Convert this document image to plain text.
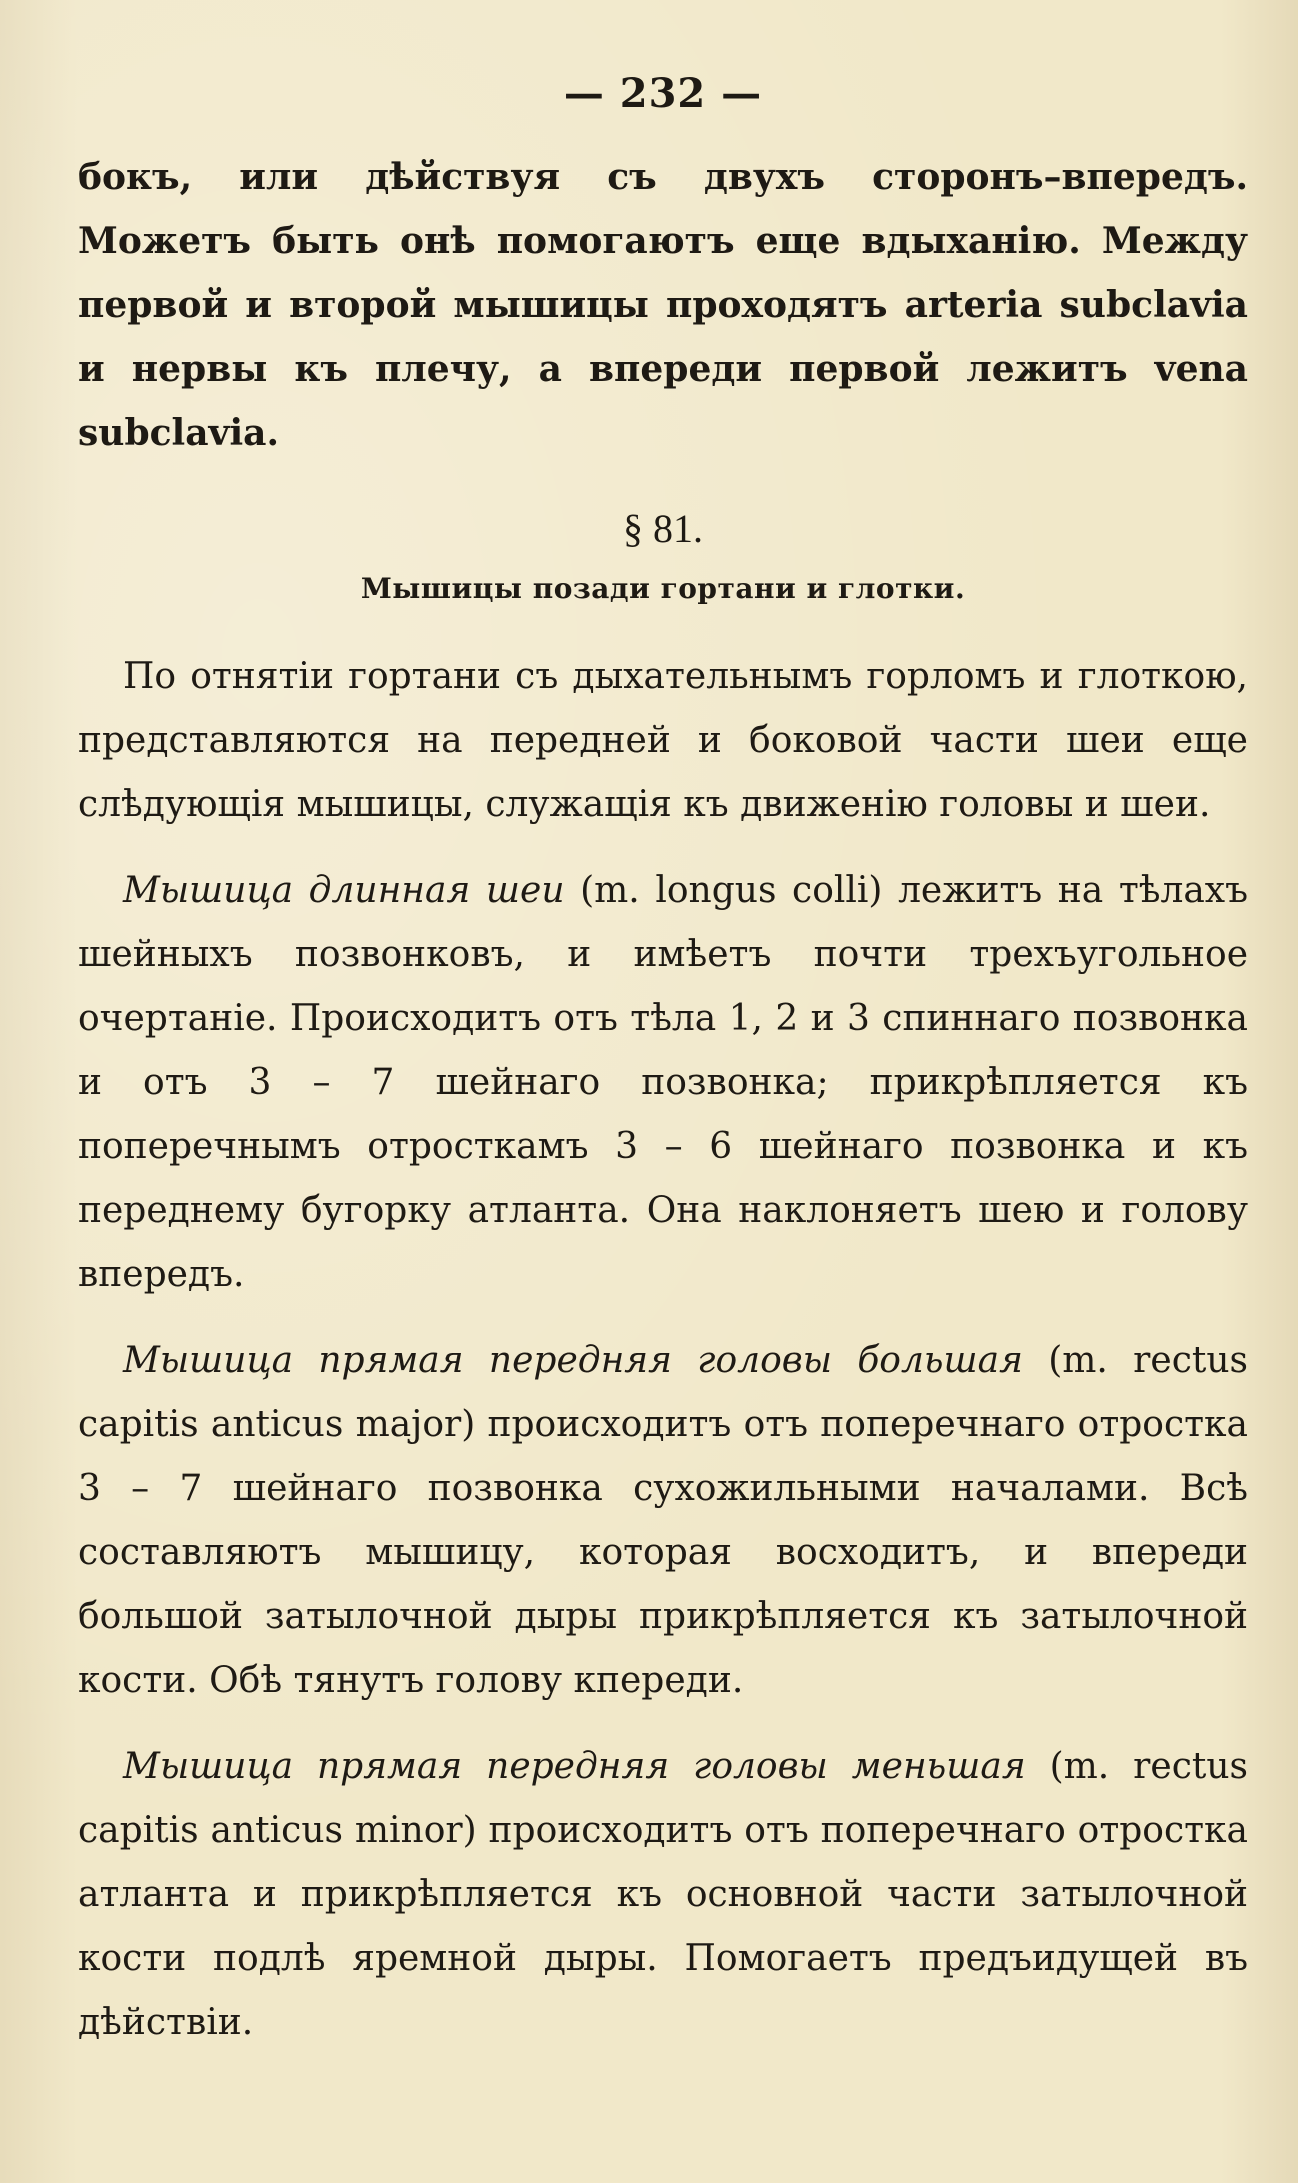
— 232 —

бокъ, или дѣйствуя съ двухъ сторонъ–впередъ. Можетъ быть онѣ помогаютъ еще вдыханію. Между первой и второй мышицы проходятъ arteria subclavia и нервы къ плечу, а впереди первой лежитъ vena subclavia.

§ 81.
Мышицы позади гортани и глотки.

По отнятіи гортани съ дыхательнымъ горломъ и глоткою, представляются на передней и боковой части шеи еще слѣдующія мышицы, служащія къ движенію головы и шеи.

Мышица длинная шеи (m. longus colli) лежитъ на тѣлахъ шейныхъ позвонковъ, и имѣетъ почти трехъугольное очертаніе. Происходитъ отъ тѣла 1, 2 и 3 спиннаго позвонка и отъ 3 – 7 шейнаго позвонка; прикрѣпляется къ поперечнымъ отросткамъ 3 – 6 шейнаго позвонка и къ переднему бугорку атланта. Она наклоняетъ шею и голову впередъ.

Мышица прямая передняя головы большая (m. rectus capitis anticus major) происходитъ отъ поперечнаго отростка 3 – 7 шейнаго позвонка сухожильными началами. Всѣ составляютъ мышицу, которая восходитъ, и впереди большой затылочной дыры прикрѣпляется къ затылочной кости. Обѣ тянутъ голову кпереди.

Мышица прямая передняя головы меньшая (m. rectus capitis anticus minor) происходитъ отъ поперечнаго отростка атланта и прикрѣпляется къ основной части затылочной кости подлѣ яремной дыры. Помогаетъ предъидущей въ дѣйствіи.
